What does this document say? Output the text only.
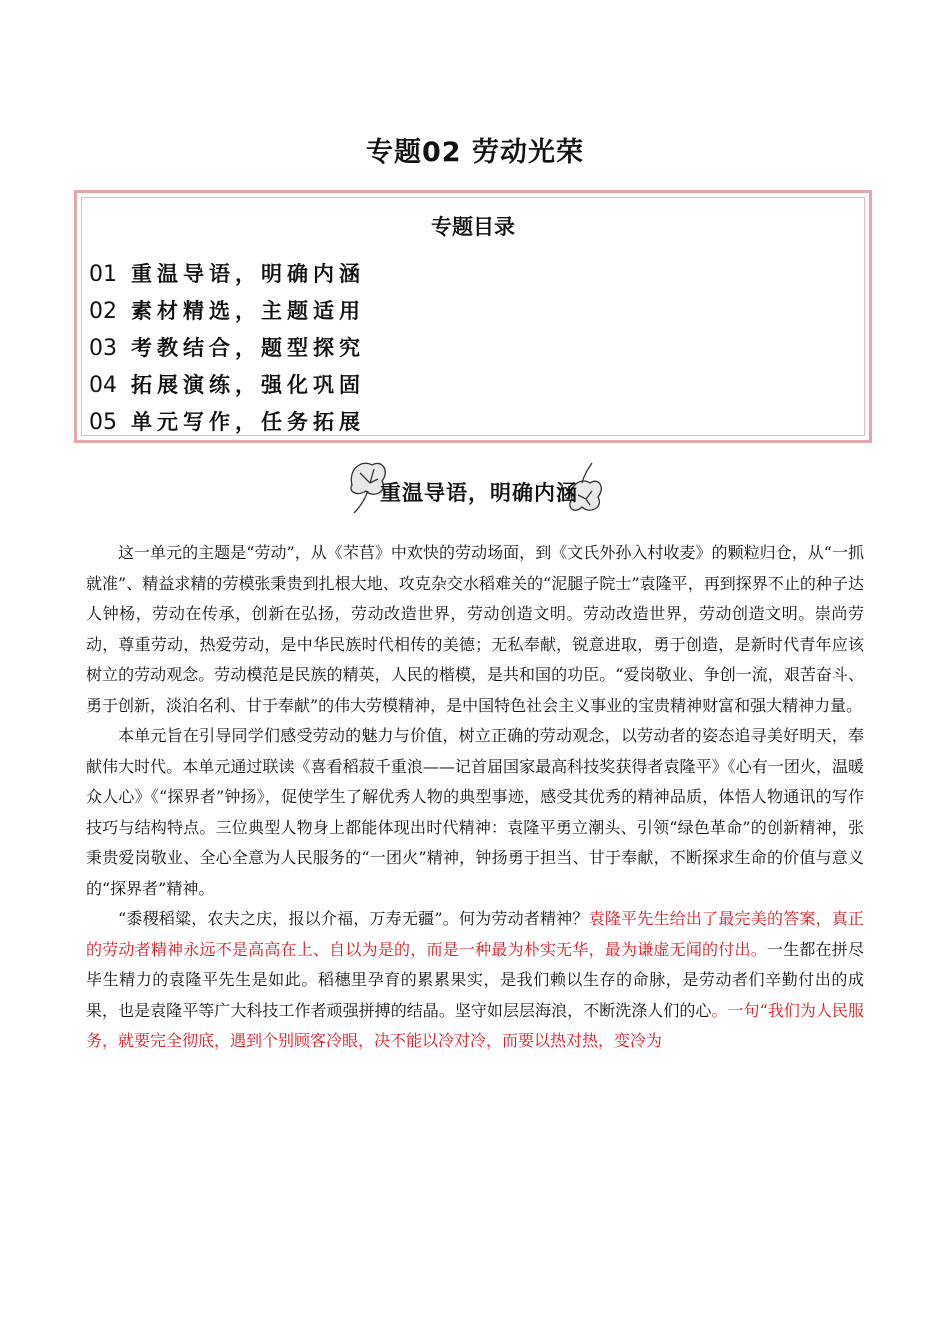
专题02 劳动光荣
专题目录
01 重温导语，明确内涵
02 素材精选，主题适用
03 考教结合，题型探究
04 拓展演练，强化巩固
05 单元写作，任务拓展
重温导语，明确内涵

这一单元的主题是“劳动”，从《芣苢》中欢快的劳动场面，到《文氏外孙入村收麦》的颗粒归仓，从“一抓就准”、精益求精的劳模张秉贵到扎根大地、攻克杂交水稻难关的“泥腿子院士”袁隆平，再到探界不止的种子达人钟杨，劳动在传承，创新在弘扬，劳动改造世界，劳动创造文明。劳动改造世界，劳动创造文明。崇尚劳动，尊重劳动，热爱劳动，是中华民族时代相传的美德；无私奉献，锐意进取，勇于创造，是新时代青年应该树立的劳动观念。劳动模范是民族的精英，人民的楷模，是共和国的功臣。“爱岗敬业、争创一流，艰苦奋斗、勇于创新，淡泊名利、甘于奉献”的伟大劳模精神，是中国特色社会主义事业的宝贵精神财富和强大精神力量。

本单元旨在引导同学们感受劳动的魅力与价值，树立正确的劳动观念，以劳动者的姿态追寻美好明天，奉献伟大时代。本单元通过联读《喜看稻菽千重浪——记首届国家最高科技奖获得者袁隆平》《心有一团火，温暖众人心》《“探界者”钟扬》，促使学生了解优秀人物的典型事迹，感受其优秀的精神品质，体悟人物通讯的写作技巧与结构特点。三位典型人物身上都能体现出时代精神：袁隆平勇立潮头、引领“绿色革命”的创新精神，张秉贵爱岗敬业、全心全意为人民服务的“一团火”精神，钟扬勇于担当、甘于奉献，不断探求生命的价值与意义的“探界者”精神。

“黍稷稻粱，农夫之庆，报以介福，万寿无疆”。何为劳动者精神？袁隆平先生给出了最完美的答案，真正的劳动者精神永远不是高高在上、自以为是的，而是一种最为朴实无华，最为谦虚无闻的付出。一生都在拼尽毕生精力的袁隆平先生是如此。稻穗里孕育的累累果实，是我们赖以生存的命脉，是劳动者们辛勤付出的成果，也是袁隆平等广大科技工作者顽强拼搏的结晶。坚守如层层海浪，不断洗涤人们的心。一句“我们为人民服务，就要完全彻底，遇到个别顾客冷眼，决不能以冷对冷，而要以热对热，变冷为
